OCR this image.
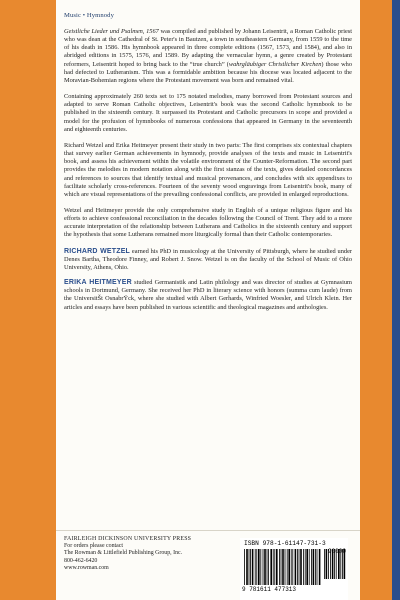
Music • Hymnody

Geistliche Lieder und Psalmen, 1567 was compiled and published by Johann Leisentrit, a Roman Catholic priest who was dean at the Cathedral of St. Peter's in Bautzen, a town in southeastern Germany, from 1559 to the time of his death in 1586. His hymnbook appeared in three complete editions (1567, 1573, and 1584), and also in abridged editions in 1575, 1576, and 1589. By adapting the vernacular hymn, a genre created by Protestant reformers, Leisentrit hoped to bring back to the “true church” (wahrgläubiger Christlicher Kirchen) those who had defected to Lutheranism. This was a formidable ambition because his diocese was located adjacent to the Moravian-Bohemian regions where the Protestant movement was born and remained vital.

Containing approximately 260 texts set to 175 notated melodies, many borrowed from Protestant sources and adapted to serve Roman Catholic objectives, Leisentrit's book was the second Catholic hymnbook to be published in the sixteenth century. It surpassed its Protestant and Catholic precursors in scope and provided a model for the profusion of hymnbooks of numerous confessions that appeared in Germany in the seventeenth and eighteenth centuries.

Richard Wetzel and Erika Heitmeyer present their study in two parts: The first comprises six contextual chapters that survey earlier German achievements in hymnody, provide analyses of the texts and music in Leisentrit's book, and assess his achievement within the volatile environment of the Counter-Reformation. The second part provides the melodies in modern notation along with the first stanzas of the texts, gives detailed concordances and references to sources that identify textual and musical provenances, and concludes with six appendixes to facilitate scholarly cross-references. Fourteen of the seventy wood engravings from Leisentrit's book, many of which are visual representations of the prevailing confessional conflicts, are provided in enlarged reproductions.

Wetzel and Heitmeyer provide the only comprehensive study in English of a unique religious figure and his efforts to achieve confessional reconciliation in the decades following the Council of Trent. They add to a more accurate interpretation of the relationship between Lutherans and Catholics in the sixteenth century and support the hypothesis that some Lutherans remained more liturgically formal than their Catholic contemporaries.

RICHARD WETZEL earned his PhD in musicology at the University of Pittsburgh, where he studied under Denes Bartha, Theodore Finney, and Robert J. Snow. Wetzel is on the faculty of the School of Music of Ohio University, Athens, Ohio.

ERIKA HEITMEYER studied Germanistik and Latin philology and was director of studies at Gymnasium schools in Dortmund, Germany. She received her PhD in literary science with honors (summa cum laude) from the UniversitŠt OsnabrŸck, where she studied with Albert Gerhards, Winfried Woesler, and Ulrich Klein. Her articles and essays have been published in various scientific and theological magazines and anthologies.

FAIRLEIGH DICKINSON UNIVERSITY PRESS
For orders please contact
The Rowman & Littlefield Publishing Group, Inc.
800-462-6420
www.rowman.com
ISBN 978-1-61147-731-3
90000
9 781611 477313
